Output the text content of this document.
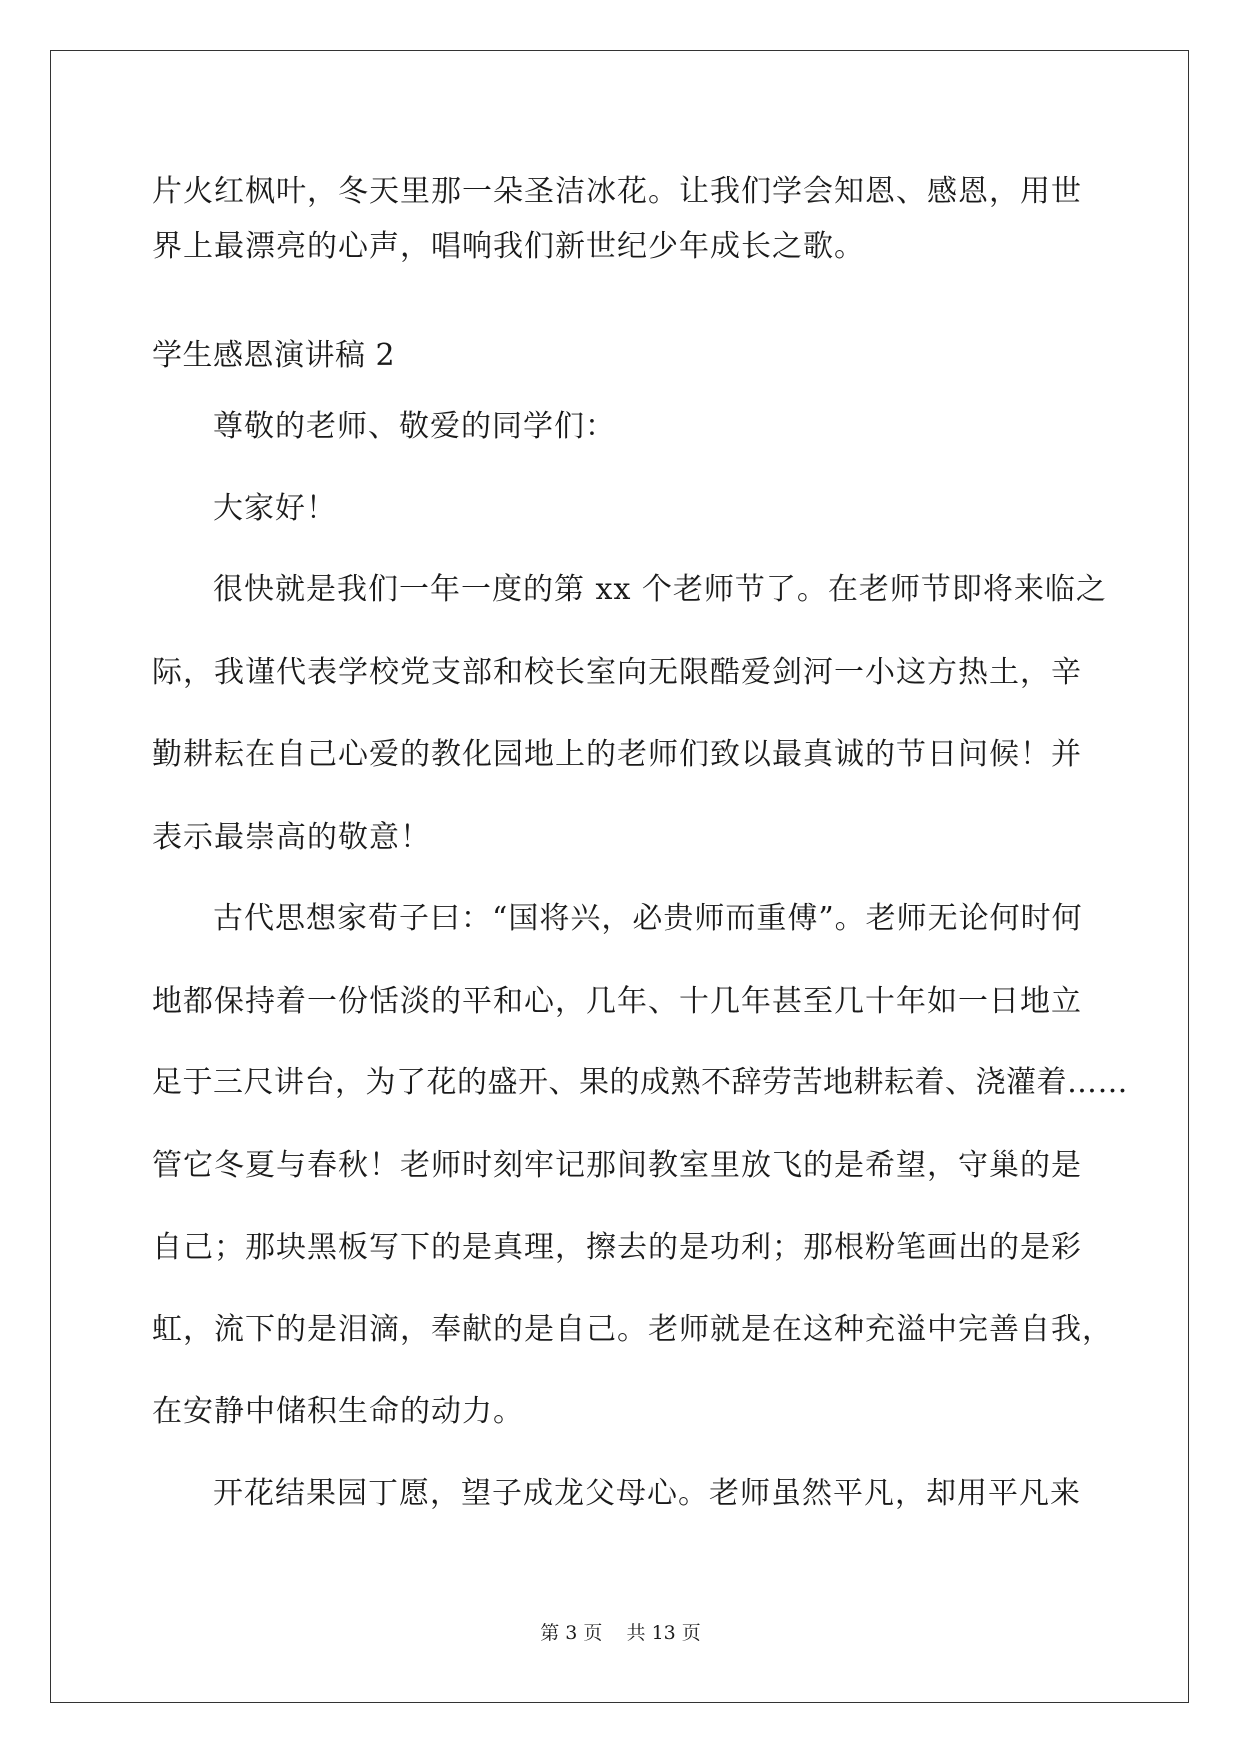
片火红枫叶，冬天里那一朵圣洁冰花。让我们学会知恩、感恩，用世
界上最漂亮的心声，唱响我们新世纪少年成长之歌。
学生感恩演讲稿 2
尊敬的老师、敬爱的同学们：
大家好！
很快就是我们一年一度的第 xx 个老师节了。在老师节即将来临之
际，我谨代表学校党支部和校长室向无限酷爱剑河一小这方热土，辛
勤耕耘在自己心爱的教化园地上的老师们致以最真诚的节日问候！并
表示最崇高的敬意！
古代思想家荀子曰：“国将兴，必贵师而重傅”。老师无论何时何
地都保持着一份恬淡的平和心，几年、十几年甚至几十年如一日地立
足于三尺讲台，为了花的盛开、果的成熟不辞劳苦地耕耘着、浇灌着……
管它冬夏与春秋！老师时刻牢记那间教室里放飞的是希望，守巢的是
自己；那块黑板写下的是真理，擦去的是功利；那根粉笔画出的是彩
虹，流下的是泪滴，奉献的是自己。老师就是在这种充溢中完善自我，
在安静中储积生命的动力。
开花结果园丁愿，望子成龙父母心。老师虽然平凡，却用平凡来
第 3 页    共 13 页
